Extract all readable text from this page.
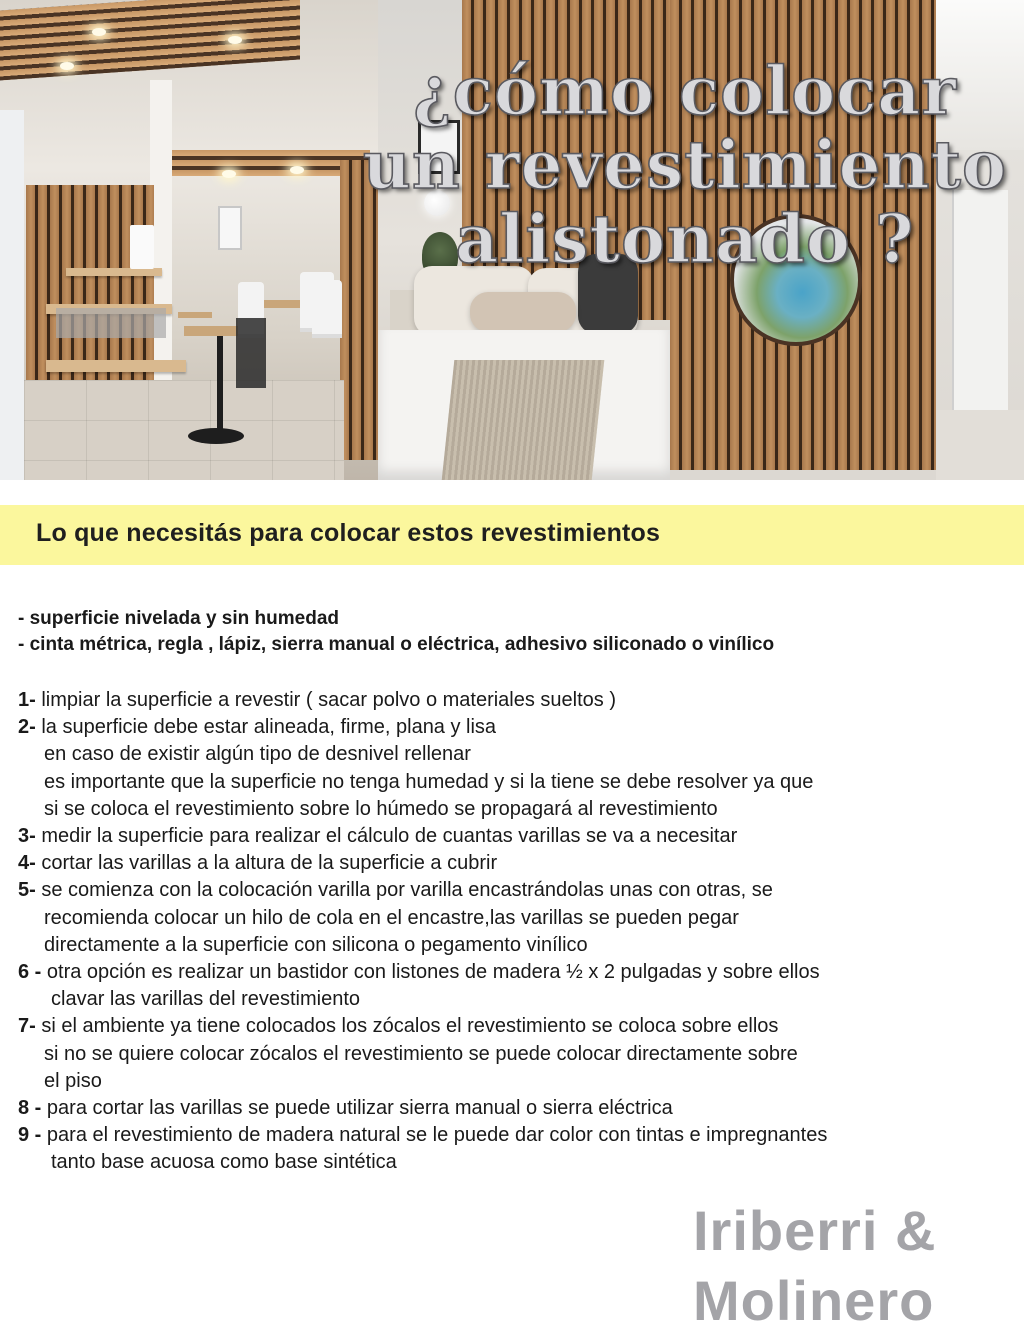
¿cómo colocar
un revestimiento
alistonado ?
Lo que necesitás para colocar estos revestimientos
- superficie nivelada y sin humedad
- cinta métrica, regla , lápiz, sierra manual o eléctrica, adhesivo siliconado o vinílico
1- limpiar la superficie a revestir ( sacar polvo o materiales sueltos )
2- la superficie debe estar alineada, firme, plana y lisa
en caso de existir algún tipo de desnivel rellenar
es importante que la superficie no tenga humedad y si la tiene se debe resolver ya que
si se coloca el revestimiento sobre lo húmedo se propagará al revestimiento
3- medir la superficie para realizar el cálculo de cuantas varillas se va a necesitar
4- cortar las varillas a la altura de la superficie a cubrir
5- se comienza con la colocación varilla por varilla encastrándolas unas con otras, se
recomienda colocar un hilo de cola en el encastre,las varillas se pueden pegar
directamente a la superficie con silicona o pegamento vinílico
6 - otra opción es realizar un bastidor con listones de madera ½ x 2 pulgadas y sobre ellos
clavar las varillas del revestimiento
7- si el ambiente ya tiene colocados los zócalos el revestimiento se coloca sobre ellos
si no se quiere colocar zócalos el revestimiento se puede colocar directamente sobre
el piso
8 - para cortar las varillas se puede utilizar sierra manual o sierra eléctrica
9 - para el revestimiento de madera natural se le puede dar color con tintas e impregnantes
tanto base acuosa como base sintética
Iriberri &
Molinero
